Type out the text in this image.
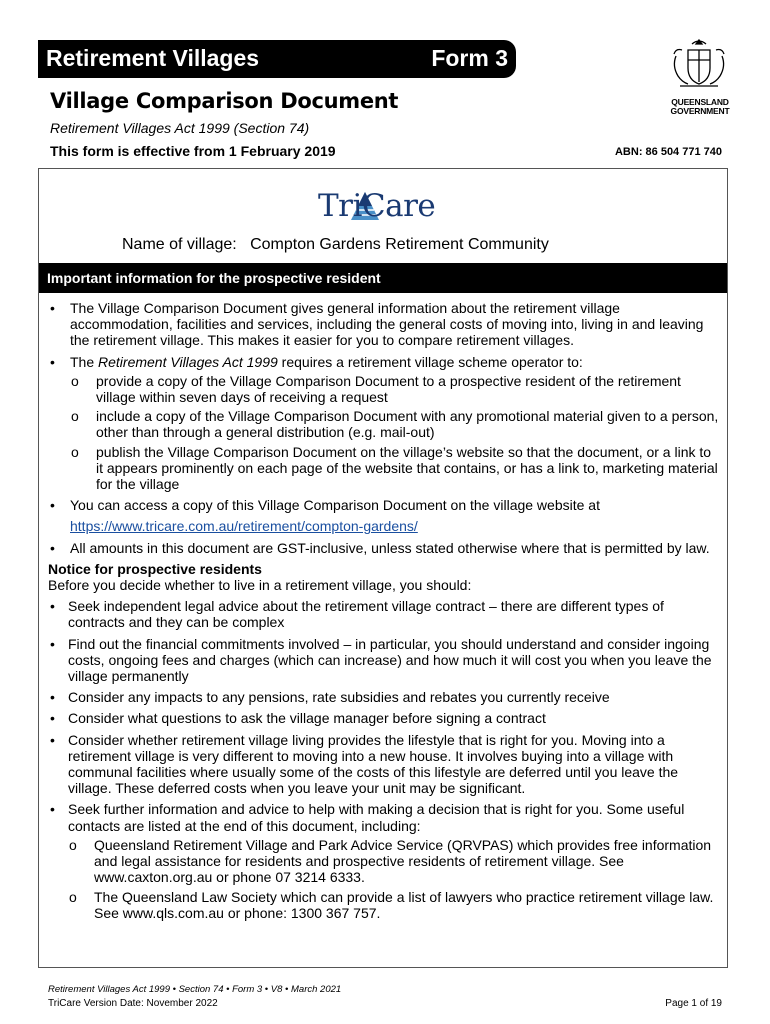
Retirement Villages	Form 3
Village Comparison Document
Retirement Villages Act 1999 (Section 74)
This form is effective from 1 February 2019	ABN: 86 504 771 740
QUEENSLAND
GOVERNMENT
TriCare
Name of village: Compton Gardens Retirement Community
Important information for the prospective resident
• The Village Comparison Document gives general information about the retirement village accommodation, facilities and services, including the general costs of moving into, living in and leaving the retirement village. This makes it easier for you to compare retirement villages.
• The Retirement Villages Act 1999 requires a retirement village scheme operator to:
o provide a copy of the Village Comparison Document to a prospective resident of the retirement village within seven days of receiving a request
o include a copy of the Village Comparison Document with any promotional material given to a person, other than through a general distribution (e.g. mail-out)
o publish the Village Comparison Document on the village’s website so that the document, or a link to it appears prominently on each page of the website that contains, or has a link to, marketing material for the village
• You can access a copy of this Village Comparison Document on the village website at
https://www.tricare.com.au/retirement/compton-gardens/
• All amounts in this document are GST-inclusive, unless stated otherwise where that is permitted by law.
Notice for prospective residents
Before you decide whether to live in a retirement village, you should:
• Seek independent legal advice about the retirement village contract – there are different types of contracts and they can be complex
• Find out the financial commitments involved – in particular, you should understand and consider ingoing costs, ongoing fees and charges (which can increase) and how much it will cost you when you leave the village permanently
• Consider any impacts to any pensions, rate subsidies and rebates you currently receive
• Consider what questions to ask the village manager before signing a contract
• Consider whether retirement village living provides the lifestyle that is right for you. Moving into a retirement village is very different to moving into a new house. It involves buying into a village with communal facilities where usually some of the costs of this lifestyle are deferred until you leave the village. These deferred costs when you leave your unit may be significant.
• Seek further information and advice to help with making a decision that is right for you. Some useful contacts are listed at the end of this document, including:
o Queensland Retirement Village and Park Advice Service (QRVPAS) which provides free information and legal assistance for residents and prospective residents of retirement village. See www.caxton.org.au or phone 07 3214 6333.
o The Queensland Law Society which can provide a list of lawyers who practice retirement village law. See www.qls.com.au or phone: 1300 367 757.
Retirement Villages Act 1999 • Section 74 • Form 3 • V8 • March 2021
TriCare Version Date: November 2022	Page 1 of 19
